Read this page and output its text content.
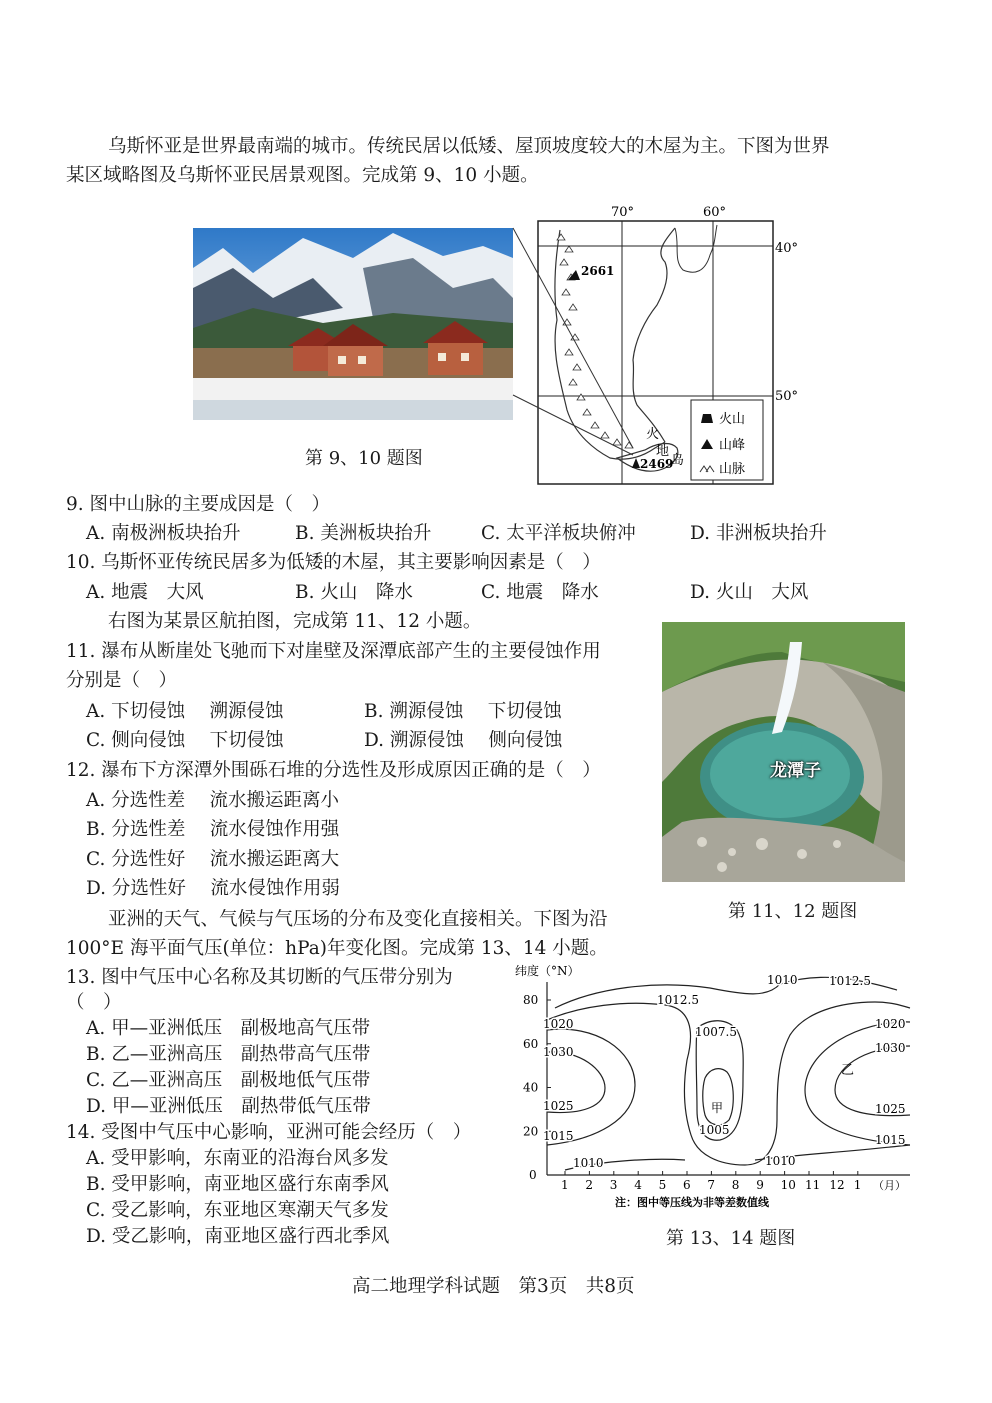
乌斯怀亚是世界最南端的城市。传统民居以低矮、屋顶坡度较大的木屋为主。下图为世界
某区域略图及乌斯怀亚民居景观图。完成第 9、10 小题。
第 9、10 题图
70°	60°
40°
50°
2661
2469
火
地
岛
火山
山峰
山脉
9. 图中山脉的主要成因是（　）
A. 南极洲板块抬升	B. 美洲板块抬升	C. 太平洋板块俯冲	D. 非洲板块抬升
10. 乌斯怀亚传统民居多为低矮的木屋，其主要影响因素是（　）
A. 地震　大风	B. 火山　降水	C. 地震　降水	D. 火山　大风
右图为某景区航拍图，完成第 11、12 小题。
11. 瀑布从断崖处飞驰而下对崖壁及深潭底部产生的主要侵蚀作用
分别是（　）
A. 下切侵蚀　 溯源侵蚀	B. 溯源侵蚀　 下切侵蚀
C. 侧向侵蚀　 下切侵蚀	D. 溯源侵蚀　 侧向侵蚀
12. 瀑布下方深潭外围砾石堆的分选性及形成原因正确的是（　）
A. 分选性差　 流水搬运距离小
B. 分选性差　 流水侵蚀作用强
C. 分选性好　 流水搬运距离大
D. 分选性好　 流水侵蚀作用弱
龙潭子
第 11、12 题图
亚洲的天气、气候与气压场的分布及变化直接相关。下图为沿
100°E 海平面气压(单位：hPa)年变化图。完成第 13、14 小题。
13. 图中气压中心名称及其切断的气压带分别为
（　）
A. 甲—亚洲低压　副极地高气压带
B. 乙—亚洲高压　副热带高气压带
C. 乙—亚洲高压　副极地低气压带
D. 甲—亚洲低压　副热带低气压带
14. 受图中气压中心影响，亚洲可能会经历（　）
A. 受甲影响，东南亚的沿海台风多发
B. 受甲影响，南亚地区盛行东南季风
C. 受乙影响，东亚地区寒潮天气多发
D. 受乙影响，南亚地区盛行西北季风
纬度（°N）
（月）
1 2 3 4 5 6 7 8 9 10 11 12 1
0
20
40
60
80
1010
1012.5
1012.5
1007.5
1005
1010	1010
1015	1015
1020	1020
1025	1025
1030	1030
甲
乙
注：图中等压线为非等差数值线
第 13、14 题图
高二地理学科试题　第3页　共8页
